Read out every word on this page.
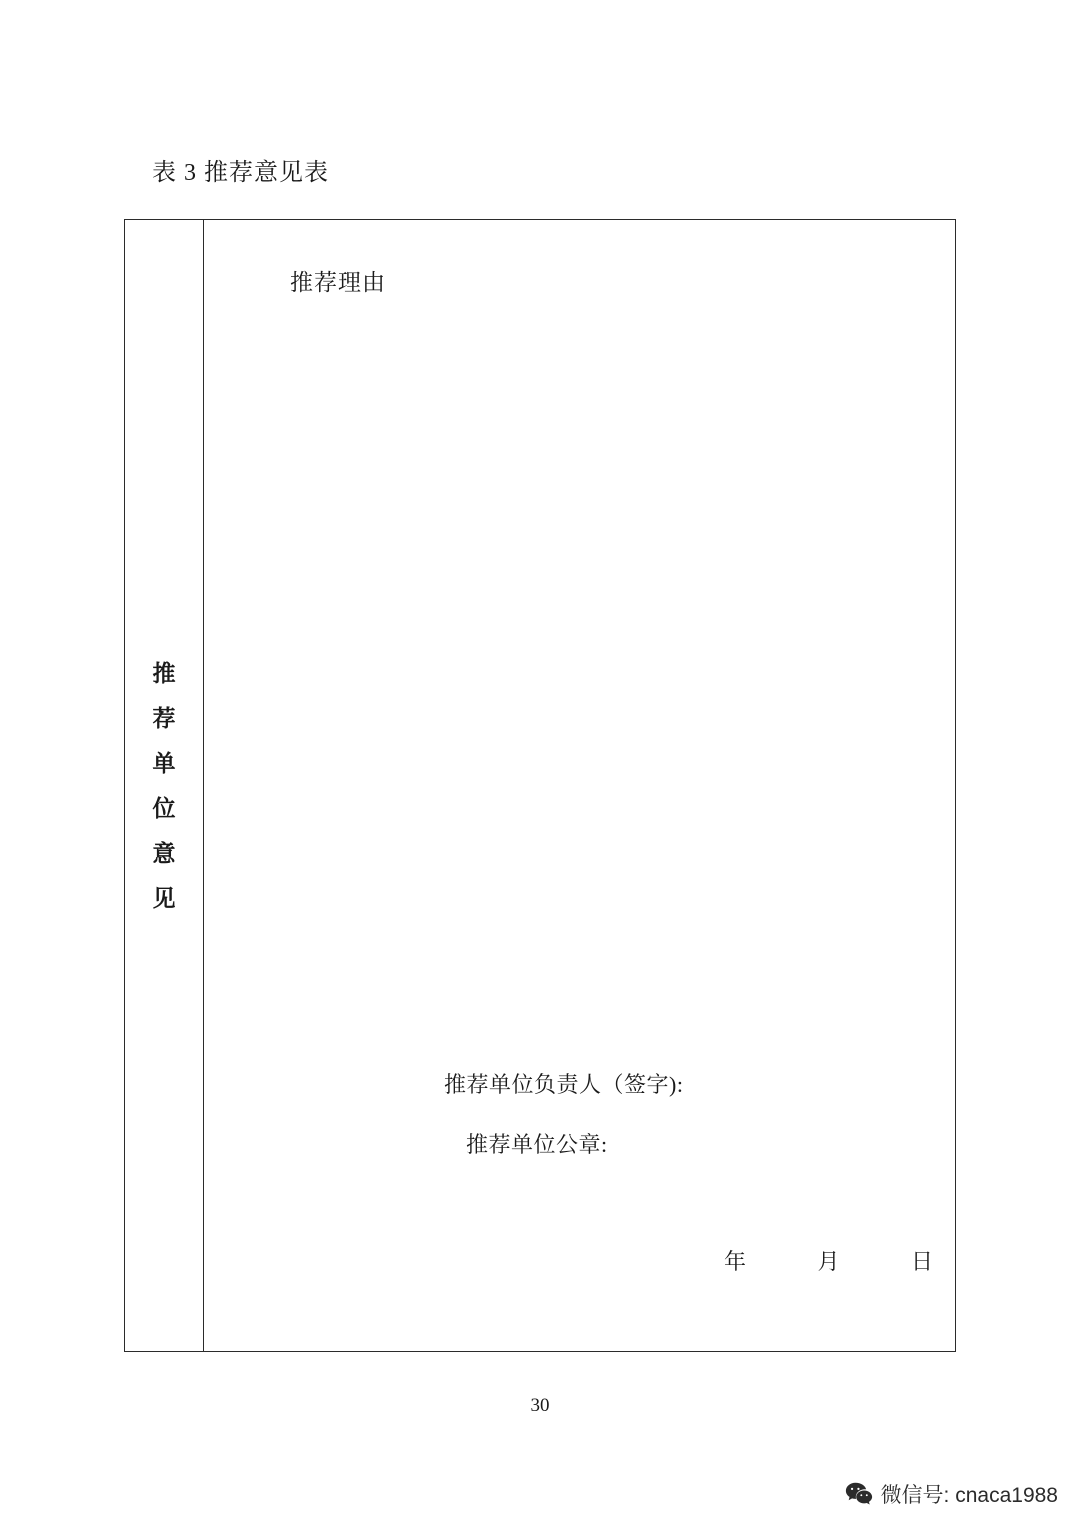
表 3 推荐意见表
推
荐
单
位
意
见
推荐理由
推荐单位负责人（签字):
推荐单位公章:
年	月	日
30
微信号: cnaca1988
